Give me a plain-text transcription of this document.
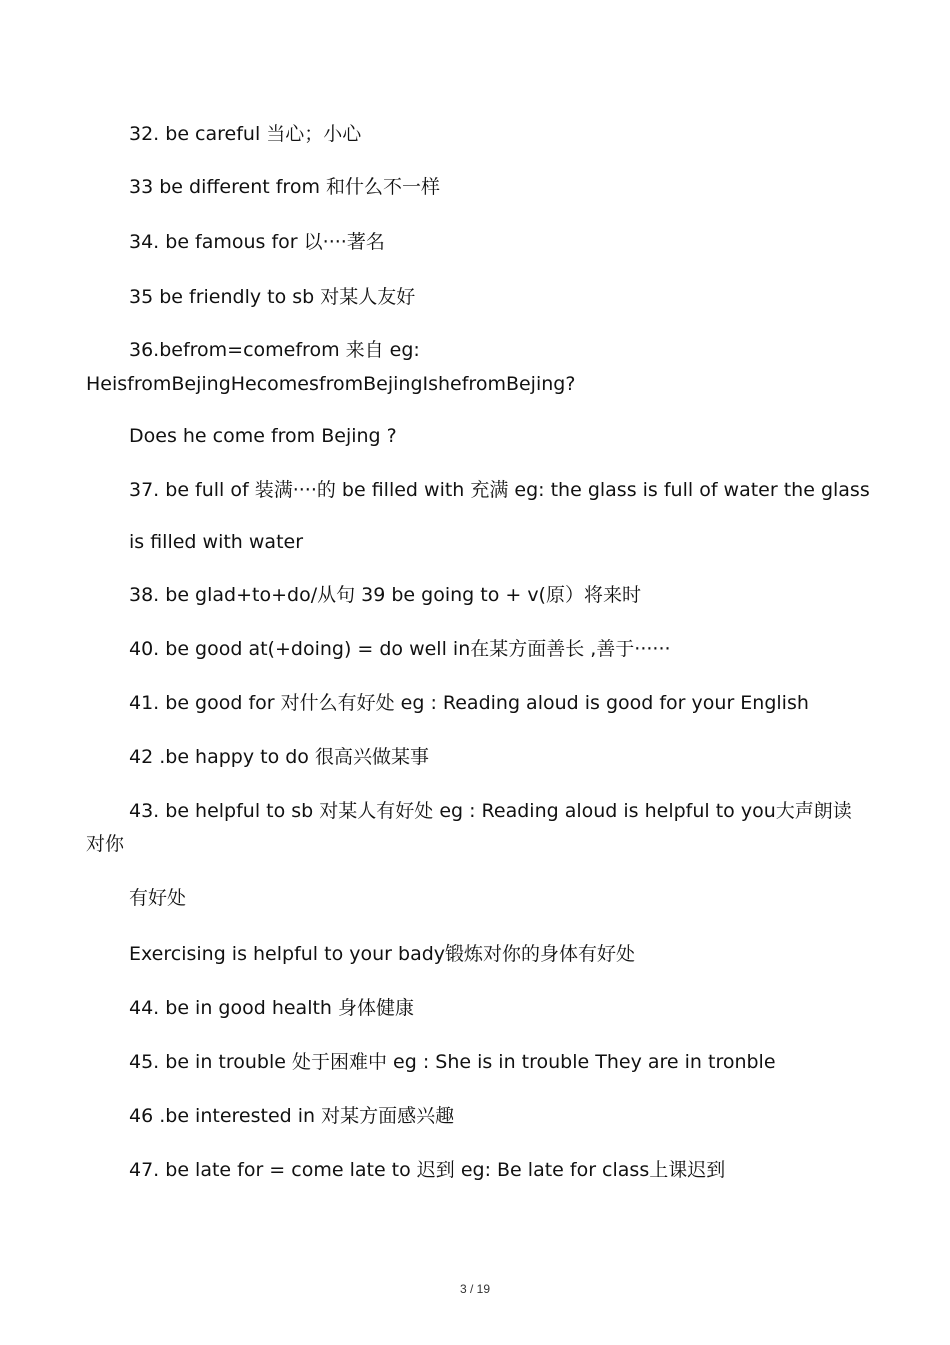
32. be careful 当心；小心
33 be different from 和什么不一样
34. be famous for 以····著名
35 be friendly to sb 对某人友好
36.befrom=comefrom 来自 eg:
HeisfromBejingHecomesfromBejingIshefromBejing?
Does he come from Bejing ?
37. be full of 装满····的 be filled with 充满 eg: the glass is full of water the glass
is filled with water
38. be glad+to+do/从句 39 be going to + v(原）将来时
40. be good at(+doing) = do well in在某方面善长 ,善于······
41. be good for 对什么有好处 eg : Reading aloud is good for your English
42 .be happy to do 很高兴做某事
43. be helpful to sb 对某人有好处 eg : Reading aloud is helpful to you大声朗读
对你
有好处
Exercising is helpful to your bady锻炼对你的身体有好处
44. be in good health 身体健康
45. be in trouble 处于困难中 eg : She is in trouble They are in tronble
46 .be interested in 对某方面感兴趣
47. be late for = come late to 迟到 eg: Be late for class上课迟到
3 / 19
